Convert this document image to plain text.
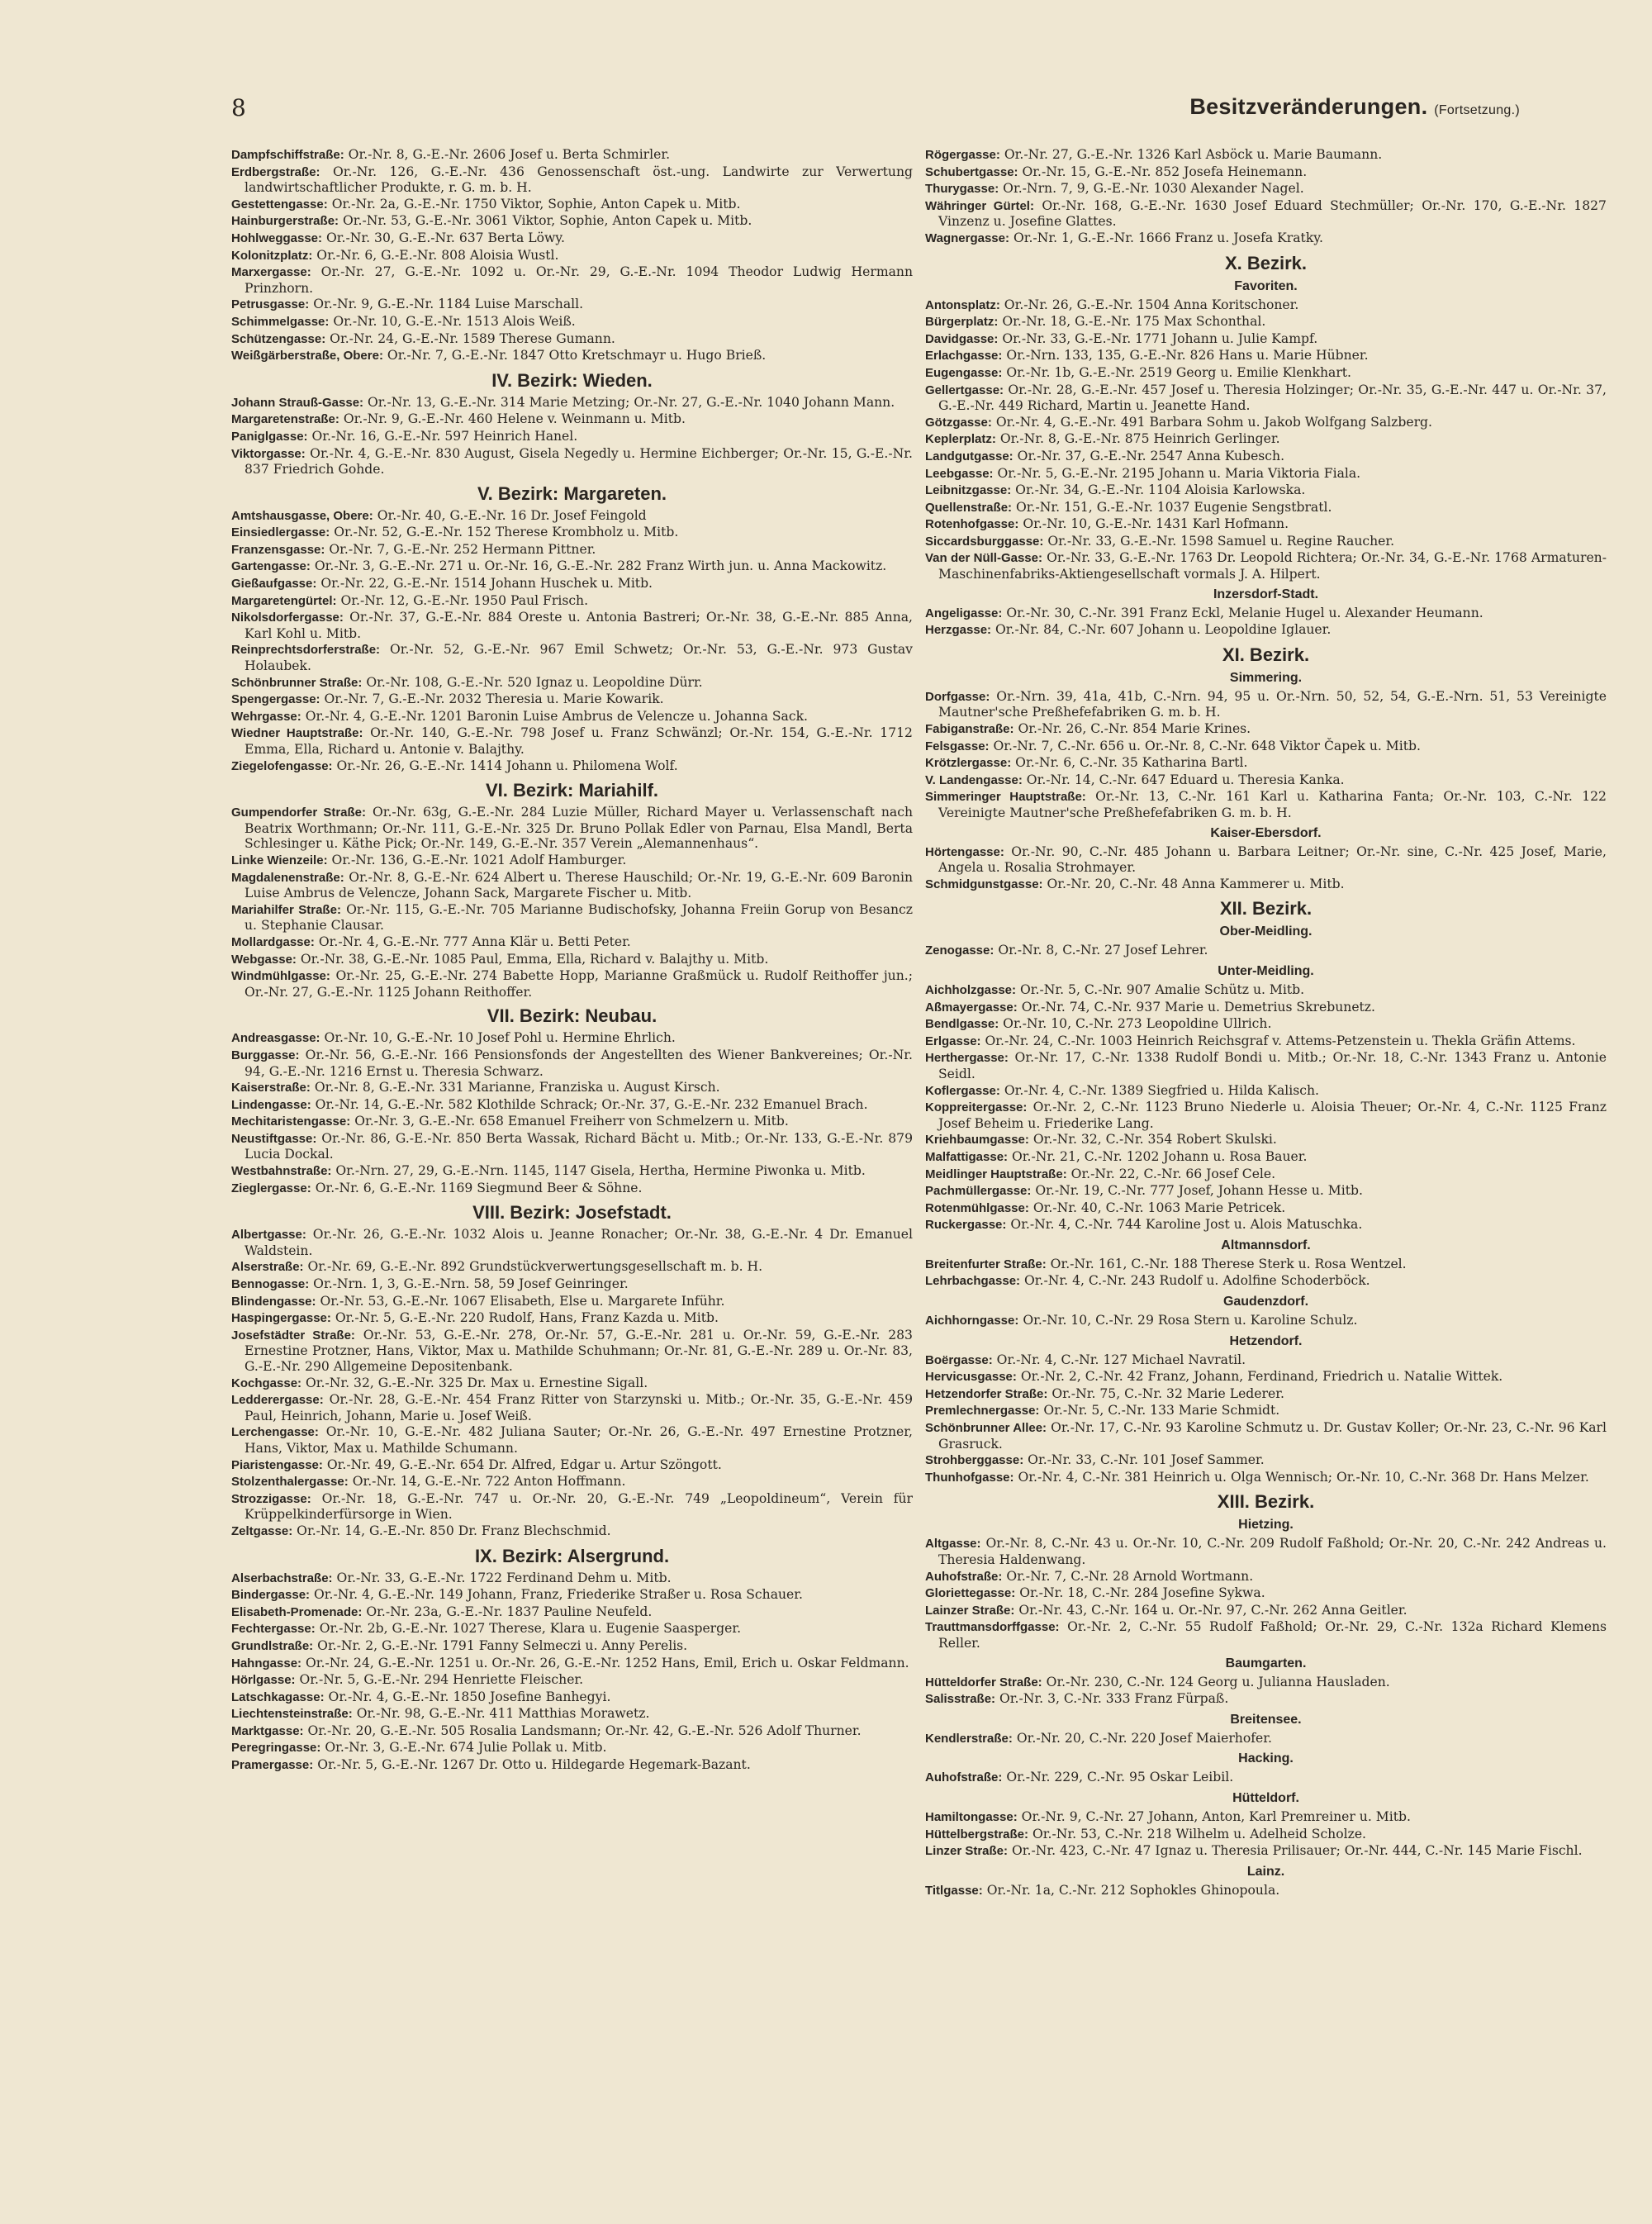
8	Besitzveränderungen. (Fortsetzung.)
Dampfschiffstraße: Or.-Nr. 8, G.-E.-Nr. 2606 Josef u. Berta Schmirler.
Erdbergstraße: Or.-Nr. 126, G.-E.-Nr. 436 Genossenschaft öst.-ung. Landwirte zur Verwertung landwirtschaftlicher Produkte, r. G. m. b. H.
Gestettengasse: Or.-Nr. 2a, G.-E.-Nr. 1750 Viktor, Sophie, Anton Capek u. Mitb.
Hainburgerstraße: Or.-Nr. 53, G.-E.-Nr. 3061 Viktor, Sophie, Anton Capek u. Mitb.
Hohlweggasse: Or.-Nr. 30, G.-E.-Nr. 637 Berta Löwy.
Kolonitzplatz: Or.-Nr. 6, G.-E.-Nr. 808 Aloisia Wustl.
Marxergasse: Or.-Nr. 27, G.-E.-Nr. 1092 u. Or.-Nr. 29, G.-E.-Nr. 1094 Theodor Ludwig Hermann Prinzhorn.
Petrusgasse: Or.-Nr. 9, G.-E.-Nr. 1184 Luise Marschall.
Schimmelgasse: Or.-Nr. 10, G.-E.-Nr. 1513 Alois Weiß.
Schützengasse: Or.-Nr. 24, G.-E.-Nr. 1589 Therese Gumann.
Weißgärberstraße, Obere: Or.-Nr. 7, G.-E.-Nr. 1847 Otto Kretschmayr u. Hugo Brieß.
IV. Bezirk: Wieden.
Johann Strauß-Gasse: Or.-Nr. 13, G.-E.-Nr. 314 Marie Metzing; Or.-Nr. 27, G.-E.-Nr. 1040 Johann Mann.
Margaretenstraße: Or.-Nr. 9, G.-E.-Nr. 460 Helene v. Weinmann u. Mitb.
Paniglgasse: Or.-Nr. 16, G.-E.-Nr. 597 Heinrich Hanel.
Viktorgasse: Or.-Nr. 4, G.-E.-Nr. 830 August, Gisela Negedly u. Hermine Eichberger; Or.-Nr. 15, G.-E.-Nr. 837 Friedrich Gohde.
V. Bezirk: Margareten.
Amtshausgasse, Obere: Or.-Nr. 40, G.-E.-Nr. 16 Dr. Josef Feingold
Einsiedlergasse: Or.-Nr. 52, G.-E.-Nr. 152 Therese Krombholz u. Mitb.
Franzensgasse: Or.-Nr. 7, G.-E.-Nr. 252 Hermann Pittner.
Gartengasse: Or.-Nr. 3, G.-E.-Nr. 271 u. Or.-Nr. 16, G.-E.-Nr. 282 Franz Wirth jun. u. Anna Mackowitz.
Gießaufgasse: Or.-Nr. 22, G.-E.-Nr. 1514 Johann Huschek u. Mitb.
Margaretengürtel: Or.-Nr. 12, G.-E.-Nr. 1950 Paul Frisch.
Nikolsdorfergasse: Or.-Nr. 37, G.-E.-Nr. 884 Oreste u. Antonia Bastreri; Or.-Nr. 38, G.-E.-Nr. 885 Anna, Karl Kohl u. Mitb.
Reinprechtsdorferstraße: Or.-Nr. 52, G.-E.-Nr. 967 Emil Schwetz; Or.-Nr. 53, G.-E.-Nr. 973 Gustav Holaubek.
Schönbrunner Straße: Or.-Nr. 108, G.-E.-Nr. 520 Ignaz u. Leopoldine Dürr.
Spengergasse: Or.-Nr. 7, G.-E.-Nr. 2032 Theresia u. Marie Kowarik.
Wehrgasse: Or.-Nr. 4, G.-E.-Nr. 1201 Baronin Luise Ambrus de Velencze u. Johanna Sack.
Wiedner Hauptstraße: Or.-Nr. 140, G.-E.-Nr. 798 Josef u. Franz Schwänzl; Or.-Nr. 154, G.-E.-Nr. 1712 Emma, Ella, Richard u. Antonie v. Balajthy.
Ziegelofengasse: Or.-Nr. 26, G.-E.-Nr. 1414 Johann u. Philomena Wolf.
VI. Bezirk: Mariahilf.
Gumpendorfer Straße: Or.-Nr. 63g, G.-E.-Nr. 284 Luzie Müller, Richard Mayer u. Verlassenschaft nach Beatrix Worthmann; Or.-Nr. 111, G.-E.-Nr. 325 Dr. Bruno Pollak Edler von Parnau, Elsa Mandl, Berta Schlesinger u. Käthe Pick; Or.-Nr. 149, G.-E.-Nr. 357 Verein „Alemannenhaus“.
Linke Wienzeile: Or.-Nr. 136, G.-E.-Nr. 1021 Adolf Hamburger.
Magdalenenstraße: Or.-Nr. 8, G.-E.-Nr. 624 Albert u. Therese Hauschild; Or.-Nr. 19, G.-E.-Nr. 609 Baronin Luise Ambrus de Velencze, Johann Sack, Margarete Fischer u. Mitb.
Mariahilfer Straße: Or.-Nr. 115, G.-E.-Nr. 705 Marianne Budischofsky, Johanna Freiin Gorup von Besancz u. Stephanie Clausar.
Mollardgasse: Or.-Nr. 4, G.-E.-Nr. 777 Anna Klär u. Betti Peter.
Webgasse: Or.-Nr. 38, G.-E.-Nr. 1085 Paul, Emma, Ella, Richard v. Balajthy u. Mitb.
Windmühlgasse: Or.-Nr. 25, G.-E.-Nr. 274 Babette Hopp, Marianne Graßmück u. Rudolf Reithoffer jun.; Or.-Nr. 27, G.-E.-Nr. 1125 Johann Reithoffer.
VII. Bezirk: Neubau.
Andreasgasse: Or.-Nr. 10, G.-E.-Nr. 10 Josef Pohl u. Hermine Ehrlich.
Burggasse: Or.-Nr. 56, G.-E.-Nr. 166 Pensionsfonds der Angestellten des Wiener Bankvereines; Or.-Nr. 94, G.-E.-Nr. 1216 Ernst u. Theresia Schwarz.
Kaiserstraße: Or.-Nr. 8, G.-E.-Nr. 331 Marianne, Franziska u. August Kirsch.
Lindengasse: Or.-Nr. 14, G.-E.-Nr. 582 Klothilde Schrack; Or.-Nr. 37, G.-E.-Nr. 232 Emanuel Brach.
Mechitaristengasse: Or.-Nr. 3, G.-E.-Nr. 658 Emanuel Freiherr von Schmelzern u. Mitb.
Neustiftgasse: Or.-Nr. 86, G.-E.-Nr. 850 Berta Wassak, Richard Bächt u. Mitb.; Or.-Nr. 133, G.-E.-Nr. 879 Lucia Dockal.
Westbahnstraße: Or.-Nrn. 27, 29, G.-E.-Nrn. 1145, 1147 Gisela, Hertha, Hermine Piwonka u. Mitb.
Zieglergasse: Or.-Nr. 6, G.-E.-Nr. 1169 Siegmund Beer & Söhne.
VIII. Bezirk: Josefstadt.
Albertgasse: Or.-Nr. 26, G.-E.-Nr. 1032 Alois u. Jeanne Ronacher; Or.-Nr. 38, G.-E.-Nr. 4 Dr. Emanuel Waldstein.
Alserstraße: Or.-Nr. 69, G.-E.-Nr. 892 Grundstückverwertungsgesellschaft m. b. H.
Bennogasse: Or.-Nrn. 1, 3, G.-E.-Nrn. 58, 59 Josef Geinringer.
Blindengasse: Or.-Nr. 53, G.-E.-Nr. 1067 Elisabeth, Else u. Margarete Inführ.
Haspingergasse: Or.-Nr. 5, G.-E.-Nr. 220 Rudolf, Hans, Franz Kazda u. Mitb.
Josefstädter Straße: Or.-Nr. 53, G.-E.-Nr. 278, Or.-Nr. 57, G.-E.-Nr. 281 u. Or.-Nr. 59, G.-E.-Nr. 283 Ernestine Protzner, Hans, Viktor, Max u. Mathilde Schuhmann; Or.-Nr. 81, G.-E.-Nr. 289 u. Or.-Nr. 83, G.-E.-Nr. 290 Allgemeine Depositenbank.
Kochgasse: Or.-Nr. 32, G.-E.-Nr. 325 Dr. Max u. Ernestine Sigall.
Ledderergasse: Or.-Nr. 28, G.-E.-Nr. 454 Franz Ritter von Starzynski u. Mitb.; Or.-Nr. 35, G.-E.-Nr. 459 Paul, Heinrich, Johann, Marie u. Josef Weiß.
Lerchengasse: Or.-Nr. 10, G.-E.-Nr. 482 Juliana Sauter; Or.-Nr. 26, G.-E.-Nr. 497 Ernestine Protzner, Hans, Viktor, Max u. Mathilde Schumann.
Piaristengasse: Or.-Nr. 49, G.-E.-Nr. 654 Dr. Alfred, Edgar u. Artur Szöngott.
Stolzenthalergasse: Or.-Nr. 14, G.-E.-Nr. 722 Anton Hoffmann.
Strozzigasse: Or.-Nr. 18, G.-E.-Nr. 747 u. Or.-Nr. 20, G.-E.-Nr. 749 „Leopoldineum“, Verein für Krüppelkinderfürsorge in Wien.
Zeltgasse: Or.-Nr. 14, G.-E.-Nr. 850 Dr. Franz Blechschmid.
IX. Bezirk: Alsergrund.
Alserbachstraße: Or.-Nr. 33, G.-E.-Nr. 1722 Ferdinand Dehm u. Mitb.
Bindergasse: Or.-Nr. 4, G.-E.-Nr. 149 Johann, Franz, Friederike Straßer u. Rosa Schauer.
Elisabeth-Promenade: Or.-Nr. 23a, G.-E.-Nr. 1837 Pauline Neufeld.
Fechtergasse: Or.-Nr. 2b, G.-E.-Nr. 1027 Therese, Klara u. Eugenie Saasperger.
Grundlstraße: Or.-Nr. 2, G.-E.-Nr. 1791 Fanny Selmeczi u. Anny Perelis.
Hahngasse: Or.-Nr. 24, G.-E.-Nr. 1251 u. Or.-Nr. 26, G.-E.-Nr. 1252 Hans, Emil, Erich u. Oskar Feldmann.
Hörlgasse: Or.-Nr. 5, G.-E.-Nr. 294 Henriette Fleischer.
Latschkagasse: Or.-Nr. 4, G.-E.-Nr. 1850 Josefine Banhegyi.
Liechtensteinstraße: Or.-Nr. 98, G.-E.-Nr. 411 Matthias Morawetz.
Marktgasse: Or.-Nr. 20, G.-E.-Nr. 505 Rosalia Landsmann; Or.-Nr. 42, G.-E.-Nr. 526 Adolf Thurner.
Peregringasse: Or.-Nr. 3, G.-E.-Nr. 674 Julie Pollak u. Mitb.
Pramergasse: Or.-Nr. 5, G.-E.-Nr. 1267 Dr. Otto u. Hildegarde Hegemark-Bazant.
Rögergasse: Or.-Nr. 27, G.-E.-Nr. 1326 Karl Asböck u. Marie Baumann.
Schubertgasse: Or.-Nr. 15, G.-E.-Nr. 852 Josefa Heinemann.
Thurygasse: Or.-Nrn. 7, 9, G.-E.-Nr. 1030 Alexander Nagel.
Währinger Gürtel: Or.-Nr. 168, G.-E.-Nr. 1630 Josef Eduard Stechmüller; Or.-Nr. 170, G.-E.-Nr. 1827 Vinzenz u. Josefine Glattes.
Wagnergasse: Or.-Nr. 1, G.-E.-Nr. 1666 Franz u. Josefa Kratky.
X. Bezirk.
Favoriten.
Antonsplatz: Or.-Nr. 26, G.-E.-Nr. 1504 Anna Koritschoner.
Bürgerplatz: Or.-Nr. 18, G.-E.-Nr. 175 Max Schonthal.
Davidgasse: Or.-Nr. 33, G.-E.-Nr. 1771 Johann u. Julie Kampf.
Erlachgasse: Or.-Nrn. 133, 135, G.-E.-Nr. 826 Hans u. Marie Hübner.
Eugengasse: Or.-Nr. 1b, G.-E.-Nr. 2519 Georg u. Emilie Klenkhart.
Gellertgasse: Or.-Nr. 28, G.-E.-Nr. 457 Josef u. Theresia Holzinger; Or.-Nr. 35, G.-E.-Nr. 447 u. Or.-Nr. 37, G.-E.-Nr. 449 Richard, Martin u. Jeanette Hand.
Götzgasse: Or.-Nr. 4, G.-E.-Nr. 491 Barbara Sohm u. Jakob Wolfgang Salzberg.
Keplerplatz: Or.-Nr. 8, G.-E.-Nr. 875 Heinrich Gerlinger.
Landgutgasse: Or.-Nr. 37, G.-E.-Nr. 2547 Anna Kubesch.
Leebgasse: Or.-Nr. 5, G.-E.-Nr. 2195 Johann u. Maria Viktoria Fiala.
Leibnitzgasse: Or.-Nr. 34, G.-E.-Nr. 1104 Aloisia Karlowska.
Quellenstraße: Or.-Nr. 151, G.-E.-Nr. 1037 Eugenie Sengstbratl.
Rotenhofgasse: Or.-Nr. 10, G.-E.-Nr. 1431 Karl Hofmann.
Siccardsburggasse: Or.-Nr. 33, G.-E.-Nr. 1598 Samuel u. Regine Raucher.
Van der Nüll-Gasse: Or.-Nr. 33, G.-E.-Nr. 1763 Dr. Leopold Richtera; Or.-Nr. 34, G.-E.-Nr. 1768 Armaturen-Maschinenfabriks-Aktiengesellschaft vormals J. A. Hilpert.
Inzersdorf-Stadt.
Angeligasse: Or.-Nr. 30, C.-Nr. 391 Franz Eckl, Melanie Hugel u. Alexander Heumann.
Herzgasse: Or.-Nr. 84, C.-Nr. 607 Johann u. Leopoldine Iglauer.
XI. Bezirk.
Simmering.
Dorfgasse: Or.-Nrn. 39, 41a, 41b, C.-Nrn. 94, 95 u. Or.-Nrn. 50, 52, 54, G.-E.-Nrn. 51, 53 Vereinigte Mautner'sche Preßhefefabriken G. m. b. H.
Fabiganstraße: Or.-Nr. 26, C.-Nr. 854 Marie Krines.
Felsgasse: Or.-Nr. 7, C.-Nr. 656 u. Or.-Nr. 8, C.-Nr. 648 Viktor Čapek u. Mitb.
Krötzlergasse: Or.-Nr. 6, C.-Nr. 35 Katharina Bartl.
V. Landengasse: Or.-Nr. 14, C.-Nr. 647 Eduard u. Theresia Kanka.
Simmeringer Hauptstraße: Or.-Nr. 13, C.-Nr. 161 Karl u. Katharina Fanta; Or.-Nr. 103, C.-Nr. 122 Vereinigte Mautner'sche Preßhefefabriken G. m. b. H.
Kaiser-Ebersdorf.
Hörtengasse: Or.-Nr. 90, C.-Nr. 485 Johann u. Barbara Leitner; Or.-Nr. sine, C.-Nr. 425 Josef, Marie, Angela u. Rosalia Strohmayer.
Schmidgunstgasse: Or.-Nr. 20, C.-Nr. 48 Anna Kammerer u. Mitb.
XII. Bezirk.
Ober-Meidling.
Zenogasse: Or.-Nr. 8, C.-Nr. 27 Josef Lehrer.
Unter-Meidling.
Aichholzgasse: Or.-Nr. 5, C.-Nr. 907 Amalie Schütz u. Mitb.
Aßmayergasse: Or.-Nr. 74, C.-Nr. 937 Marie u. Demetrius Skrebunetz.
Bendlgasse: Or.-Nr. 10, C.-Nr. 273 Leopoldine Ullrich.
Erlgasse: Or.-Nr. 24, C.-Nr. 1003 Heinrich Reichsgraf v. Attems-Petzenstein u. Thekla Gräfin Attems.
Herthergasse: Or.-Nr. 17, C.-Nr. 1338 Rudolf Bondi u. Mitb.; Or.-Nr. 18, C.-Nr. 1343 Franz u. Antonie Seidl.
Koflergasse: Or.-Nr. 4, C.-Nr. 1389 Siegfried u. Hilda Kalisch.
Koppreitergasse: Or.-Nr. 2, C.-Nr. 1123 Bruno Niederle u. Aloisia Theuer; Or.-Nr. 4, C.-Nr. 1125 Franz Josef Beheim u. Friederike Lang.
Kriehbaumgasse: Or.-Nr. 32, C.-Nr. 354 Robert Skulski.
Malfattigasse: Or.-Nr. 21, C.-Nr. 1202 Johann u. Rosa Bauer.
Meidlinger Hauptstraße: Or.-Nr. 22, C.-Nr. 66 Josef Cele.
Pachmüllergasse: Or.-Nr. 19, C.-Nr. 777 Josef, Johann Hesse u. Mitb.
Rotenmühlgasse: Or.-Nr. 40, C.-Nr. 1063 Marie Petricek.
Ruckergasse: Or.-Nr. 4, C.-Nr. 744 Karoline Jost u. Alois Matuschka.
Altmannsdorf.
Breitenfurter Straße: Or.-Nr. 161, C.-Nr. 188 Therese Sterk u. Rosa Wentzel.
Lehrbachgasse: Or.-Nr. 4, C.-Nr. 243 Rudolf u. Adolfine Schoderböck.
Gaudenzdorf.
Aichhorngasse: Or.-Nr. 10, C.-Nr. 29 Rosa Stern u. Karoline Schulz.
Hetzendorf.
Boërgasse: Or.-Nr. 4, C.-Nr. 127 Michael Navratil.
Hervicusgasse: Or.-Nr. 2, C.-Nr. 42 Franz, Johann, Ferdinand, Friedrich u. Natalie Wittek.
Hetzendorfer Straße: Or.-Nr. 75, C.-Nr. 32 Marie Lederer.
Premlechnergasse: Or.-Nr. 5, C.-Nr. 133 Marie Schmidt.
Schönbrunner Allee: Or.-Nr. 17, C.-Nr. 93 Karoline Schmutz u. Dr. Gustav Koller; Or.-Nr. 23, C.-Nr. 96 Karl Grasruck.
Strohberggasse: Or.-Nr. 33, C.-Nr. 101 Josef Sammer.
Thunhofgasse: Or.-Nr. 4, C.-Nr. 381 Heinrich u. Olga Wennisch; Or.-Nr. 10, C.-Nr. 368 Dr. Hans Melzer.
XIII. Bezirk.
Hietzing.
Altgasse: Or.-Nr. 8, C.-Nr. 43 u. Or.-Nr. 10, C.-Nr. 209 Rudolf Faßhold; Or.-Nr. 20, C.-Nr. 242 Andreas u. Theresia Haldenwang.
Auhofstraße: Or.-Nr. 7, C.-Nr. 28 Arnold Wortmann.
Gloriettegasse: Or.-Nr. 18, C.-Nr. 284 Josefine Sykwa.
Lainzer Straße: Or.-Nr. 43, C.-Nr. 164 u. Or.-Nr. 97, C.-Nr. 262 Anna Geitler.
Trauttmansdorffgasse: Or.-Nr. 2, C.-Nr. 55 Rudolf Faßhold; Or.-Nr. 29, C.-Nr. 132a Richard Klemens Reller.
Baumgarten.
Hütteldorfer Straße: Or.-Nr. 230, C.-Nr. 124 Georg u. Julianna Hausladen.
Salisstraße: Or.-Nr. 3, C.-Nr. 333 Franz Fürpaß.
Breitensee.
Kendlerstraße: Or.-Nr. 20, C.-Nr. 220 Josef Maierhofer.
Hacking.
Auhofstraße: Or.-Nr. 229, C.-Nr. 95 Oskar Leibil.
Hütteldorf.
Hamiltongasse: Or.-Nr. 9, C.-Nr. 27 Johann, Anton, Karl Premreiner u. Mitb.
Hüttelbergstraße: Or.-Nr. 53, C.-Nr. 218 Wilhelm u. Adelheid Scholze.
Linzer Straße: Or.-Nr. 423, C.-Nr. 47 Ignaz u. Theresia Prilisauer; Or.-Nr. 444, C.-Nr. 145 Marie Fischl.
Lainz.
Titlgasse: Or.-Nr. 1a, C.-Nr. 212 Sophokles Ghinopoula.
